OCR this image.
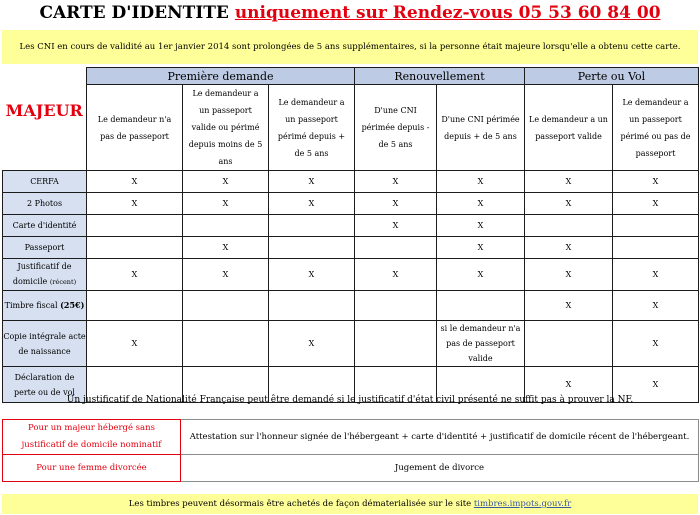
CARTE D'IDENTITE uniquement sur Rendez-vous 05 53 60 84 00
Les CNI en cours de validité au 1er janvier 2014 sont prolongées de 5 ans supplémentaires, si la personne était majeure lorsqu'elle a obtenu cette carte.
MAJEUR	Première demande			Renouvellement		Perte ou Vol	
	Le demandeur n'a pas de passeport	Le demandeur a un passeport valide ou périmé depuis moins de 5 ans	Le demandeur a un passeport périmé depuis + de 5 ans	D'une CNI périmée depuis - de 5 ans	D'une CNI périmée depuis + de 5 ans	Le demandeur a un passeport valide	Le demandeur a un passeport périmé ou pas de passeport
CERFA	X	X	X	X	X	X	X
2 Photos	X	X	X	X	X	X	X
Carte d'identité				X	X		
Passeport		X			X	X	
Justificatif de domicile (récent)	X	X	X	X	X	X	X
Timbre fiscal (25€)						X	X
Copie intégrale acte de naissance	X		X		si le demandeur n'a pas de passeport valide		X
Déclaration de perte ou de vol						X	X
Un justificatif de Nationalité Française peut être demandé si le justificatif d'état civil présenté ne suffit pas à prouver la NF.
Pour un majeur hébergé sans justificatif de domicile nominatif	Attestation sur l'honneur signée de l'hébergeant + carte d'identité + justificatif de domicile récent de l'hébergeant.
Pour une femme divorcée	Jugement de divorce
Les timbres peuvent désormais être achetés de façon dématerialisée sur le site timbres.impots.gouv.fr
